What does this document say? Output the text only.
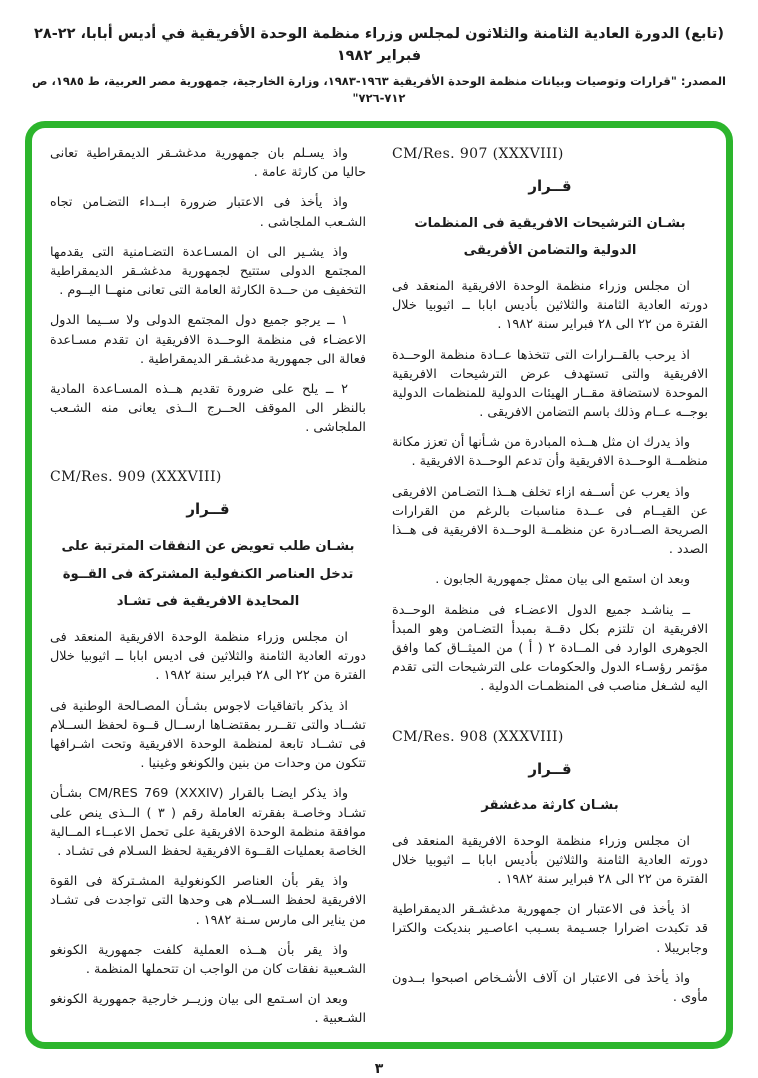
(تابع) الدورة العادية الثامنة والثلاثون لمجلس وزراء منظمة الوحدة الأفريقية في أديس أبابا، ٢٢-٢٨ فبراير ١٩٨٢
المصدر: "قرارات وتوصيات وبيانات منظمة الوحدة الأفريقية ١٩٦٣-١٩٨٣، وزارة الخارجية، جمهورية مصر العربية، ط ١٩٨٥، ص ٧١٢-٧٢٦"
CM/Res. 907 (XXXVIII)
قــرار

بشـان الترشيحات الافريقية فى المنظمات

الدولية والتضامن الأفريقى

ان مجلس وزراء منظمة الوحدة الافريقية المنعقد فى دورته العادية الثامنة والثلاثين بأديس ابابا ــ اثيوبيا خلال الفترة من ٢٢ الى ٢٨ فبراير سنة ١٩٨٢ .

اذ يرحب بالقــرارات التى تتخذها عــادة منظمة الوحــدة الافريقية والتى تستهدف عرض الترشيحات الافريقية الموحدة لاستضافة مقــار الهيئات الدولية للمنظمات الدولية بوجــه عــام وذلك باسم التضامن الافريقى .

واذ يدرك ان مثل هــذه المبادرة من شـأنها أن تعزز مكانة منظمــة الوحــدة الافريقية وأن تدعم الوحــدة الافريقية .

واذ يعرب عن أســفه ازاء تخلف هــذا التضـامن الافريقى عن القيــام فى عــدة مناسبات بالرغم من القرارات الصريحة الصــادرة عن منظمــة الوحــدة الافريقية فى هــذا الصدد .

وبعد ان استمع الى بيان ممثل جمهورية الجابون .

ــ يناشـد جميع الدول الاعضـاء فى منظمة الوحــدة الافريقية ان تلتزم بكل دقــة بمبدأ التضـامن وهو المبدأ الجوهرى الوارد فى المــادة ٢ ( أ ) من الميثــاق كما وافق مؤتمر رؤسـاء الدول والحكومات على الترشيحات التى تقدم اليه لشـغل مناصب فى المنظمـات الدولية .

CM/Res. 908 (XXXVIII)
قــرار

بشـان كارثة مدغشقر

ان مجلس وزراء منظمة الوحدة الافريقية المنعقد فى دورته العادية الثامنة والثلاثين بأديس ابابا ــ اثيوبيا خلال الفترة من ٢٢ الى ٢٨ فبراير سنة ١٩٨٢ .

اذ يأخذ فى الاعتبار ان جمهورية مدغشـقر الديمقراطية قد تكبدت اضرارا جسـيمة بسـبب اعاصـير بنديكت والكترا وجابريبلا .

واذ يأخذ فى الاعتبار ان آلاف الأشـخاص اصبحوا بــدون مأوى .

واذ يسـلم بان جمهورية مدغشـقر الديمقراطية تعانى حاليا من كارثة عامة .

واذ يأخذ فى الاعتبار ضرورة ابــداء التضـامن تجاه الشـعب الملجاشى .

واذ يشـير الى ان المسـاعدة التضـامنية التى يقدمها المجتمع الدولى ستتيح لجمهورية مدغشـقر الديمقراطية التخفيف من حــدة الكارثة العامة التى تعانى منهــا اليــوم .

١ ــ يرجو جميع دول المجتمع الدولى ولا ســيما الدول الاعضـاء فى منظمة الوحــدة الافريقية ان تقدم مسـاعدة فعالة الى جمهورية مدغشـقر الديمقراطية .

٢ ــ يلح على ضرورة تقديم هــذه المسـاعدة المادية بالنظر الى الموقف الحــرج الــذى يعانى منه الشـعب الملجاشى .

CM/Res. 909 (XXXVIII)
قــرار

بشـان طلب تعويض عن النفقات المترتبة على

تدخل العناصر الكنفولية المشتركة فى القــوة

المحايدة الافريقية فى تشـاد

ان مجلس وزراء منظمة الوحدة الافريقية المنعقد فى دورته العادية الثامنة والثلاثين فى اديس ابابا ــ اثيوبيا خلال الفترة من ٢٢ الى ٢٨ فبراير سنة ١٩٨٢ .

اذ يذكر باتفاقيات لاجوس بشـأن المصـالحة الوطنية فى تشــاد والتى تقــرر بمقتضـاها ارســال قــوة لحفظ الســلام فى تشــاد تابعة لمنظمة الوحدة الافريقية وتحت اشـرافها تتكون من وحدات من بنين والكونغو وغينيا .

واذ يذكر ايضـا بالقرار CM/RES 769 (XXXIV) بشـأن تشـاد وخاصـة بفقرته العاملة رقم ( ٣ ) الــذى ينص على موافقة منظمة الوحدة الافريقية على تحمل الاعبــاء المــالية الخاصة بعمليات القــوة الافريقية لحفظ السـلام فى تشـاد .

واذ يقر بأن العناصر الكونغولية المشـتركة فى القوة الافريقية لحفظ الســلام هى وحدها التى تواجدت فى تشـاد من يناير الى مارس سـنة ١٩٨٢ .

واذ يقر بأن هــذه العملية كلفت جمهورية الكونغو الشـعبية نفقات كان من الواجب ان تتحملها المنظمة .

وبعد ان اسـتمع الى بيان وزيــر خارجية جمهورية الكونغو الشـعبية .

٣
